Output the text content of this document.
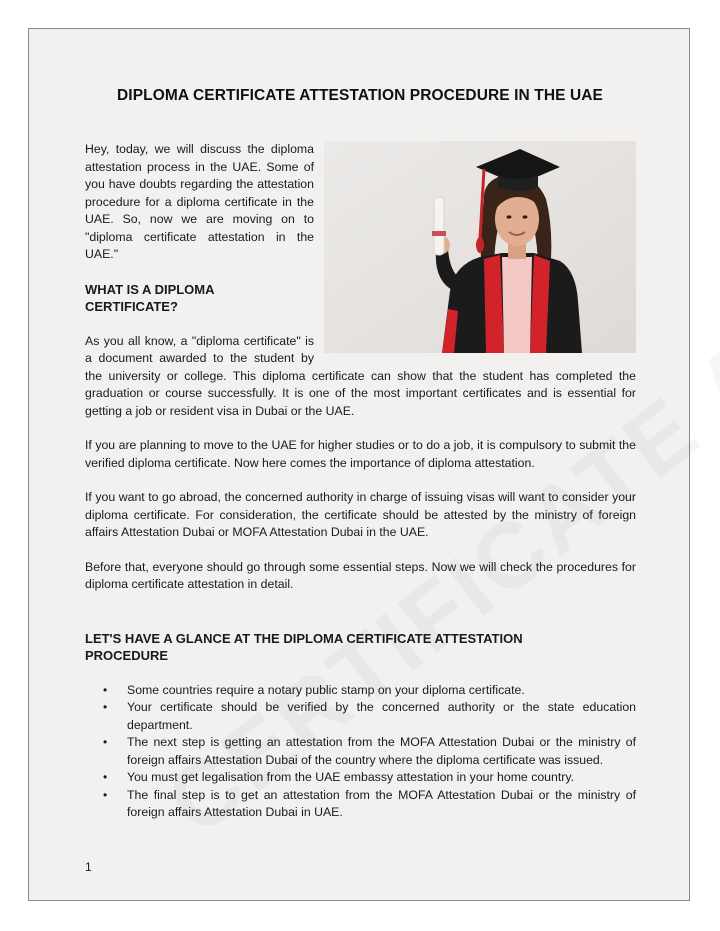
DIPLOMA CERTIFICATE ATTESTATION PROCEDURE IN THE UAE

Hey, today, we will discuss the diploma attestation process in the UAE. Some of you have doubts regarding the attestation procedure for a diploma certificate in the UAE. So, now we are moving on to "diploma certificate attestation in the UAE."

WHAT IS A DIPLOMA CERTIFICATE?

As you all know, a "diploma certificate" is a document awarded to the student by the university or college. This diploma certificate can show that the student has completed the graduation or course successfully. It is one of the most important certificates and is essential for getting a job or resident visa in Dubai or the UAE.

If you are planning to move to the UAE for higher studies or to do a job, it is compulsory to submit the verified diploma certificate. Now here comes the importance of diploma attestation.

If you want to go abroad, the concerned authority in charge of issuing visas will want to consider your diploma certificate. For consideration, the certificate should be attested by the ministry of foreign affairs Attestation Dubai or MOFA Attestation Dubai in the UAE.

Before that, everyone should go through some essential steps. Now we will check the procedures for diploma certificate attestation in detail.

LET'S HAVE A GLANCE AT THE DIPLOMA CERTIFICATE ATTESTATION PROCEDURE

• Some countries require a notary public stamp on your diploma certificate.
• Your certificate should be verified by the concerned authority or the state education department.
• The next step is getting an attestation from the MOFA Attestation Dubai or the ministry of foreign affairs Attestation Dubai of the country where the diploma certificate was issued.
• You must get legalisation from the UAE embassy attestation in your home country.
• The final step is to get an attestation from the MOFA Attestation Dubai or the ministry of foreign affairs Attestation Dubai in UAE.
1
